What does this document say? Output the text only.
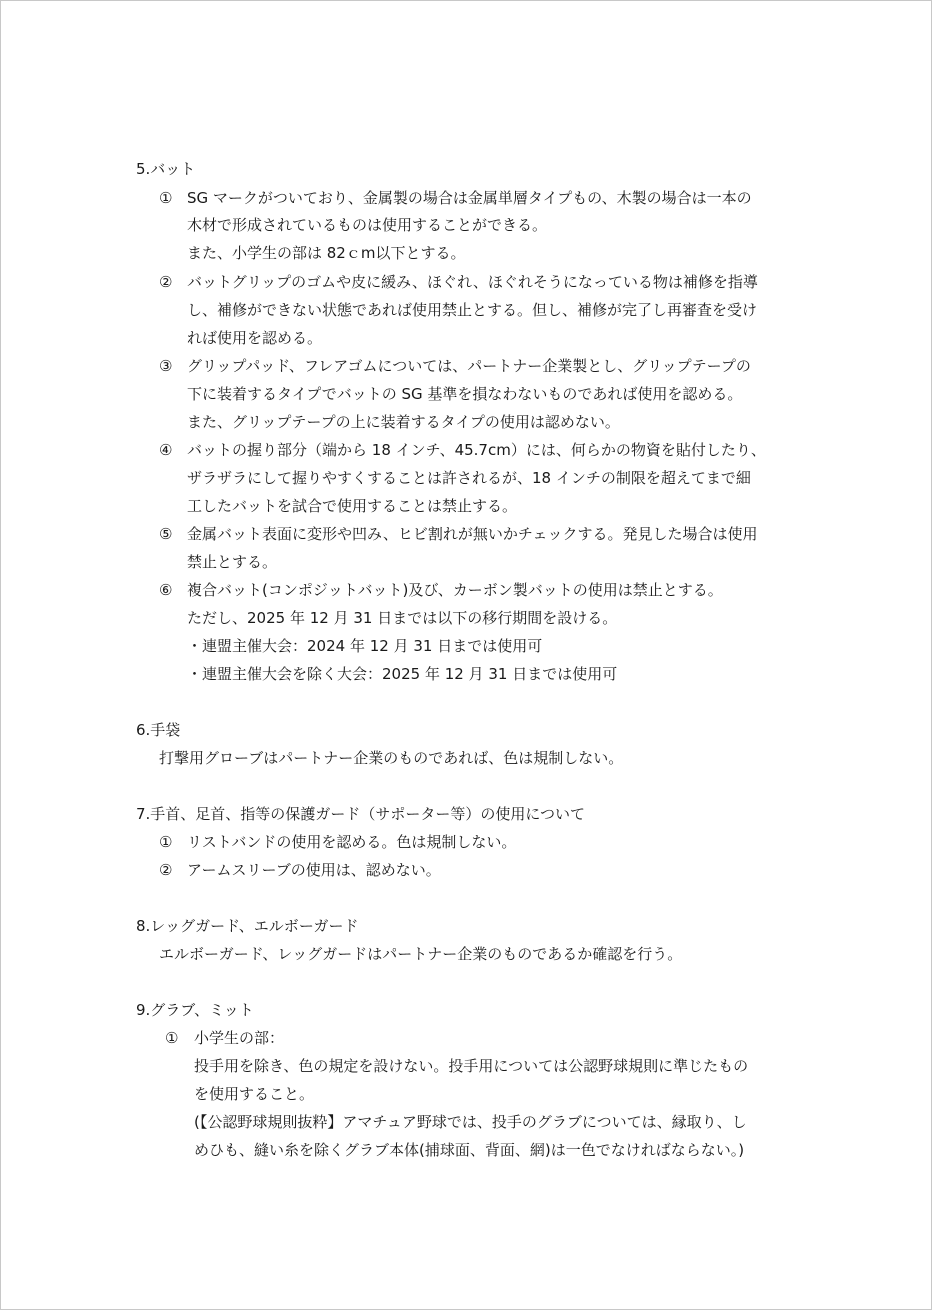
5.バット
① SG マークがついており、金属製の場合は金属単層タイプもの、木製の場合は一本の
木材で形成されているものは使用することができる。
また、小学生の部は 82ｃm以下とする。
② バットグリップのゴムや皮に緩み、ほぐれ、ほぐれそうになっている物は補修を指導
し、補修ができない状態であれば使用禁止とする。但し、補修が完了し再審査を受け
れば使用を認める。
③ グリップパッド、フレアゴムについては、パートナー企業製とし、グリップテープの
下に装着するタイプでバットの SG 基準を損なわないものであれば使用を認める。
また、グリップテープの上に装着するタイプの使用は認めない。
④ バットの握り部分（端から 18 インチ、45.7cm）には、何らかの物資を貼付したり、
ザラザラにして握りやすくすることは許されるが、18 インチの制限を超えてまで細
工したバットを試合で使用することは禁止する。
⑤ 金属バット表面に変形や凹み、ヒビ割れが無いかチェックする。発見した場合は使用
禁止とする。
⑥ 複合バット(コンポジットバット)及び、カーボン製バットの使用は禁止とする。
ただし、2025 年 12 月 31 日までは以下の移行期間を設ける。
・連盟主催大会：2024 年 12 月 31 日までは使用可
・連盟主催大会を除く大会：2025 年 12 月 31 日までは使用可
6.手袋
打撃用グローブはパートナー企業のものであれば、色は規制しない。
7.手首、足首、指等の保護ガード（サポーター等）の使用について
① リストバンドの使用を認める。色は規制しない。
② アームスリーブの使用は、認めない。
8.レッグガード、エルボーガード
エルボーガード、レッグガードはパートナー企業のものであるか確認を行う。
9.グラブ、ミット
① 小学生の部：
投手用を除き、色の規定を設けない。投手用については公認野球規則に準じたもの
を使用すること。
(【公認野球規則抜粋】アマチュア野球では、投手のグラブについては、縁取り、し
めひも、縫い糸を除くグラブ本体(捕球面、背面、網)は一色でなければならない。)
